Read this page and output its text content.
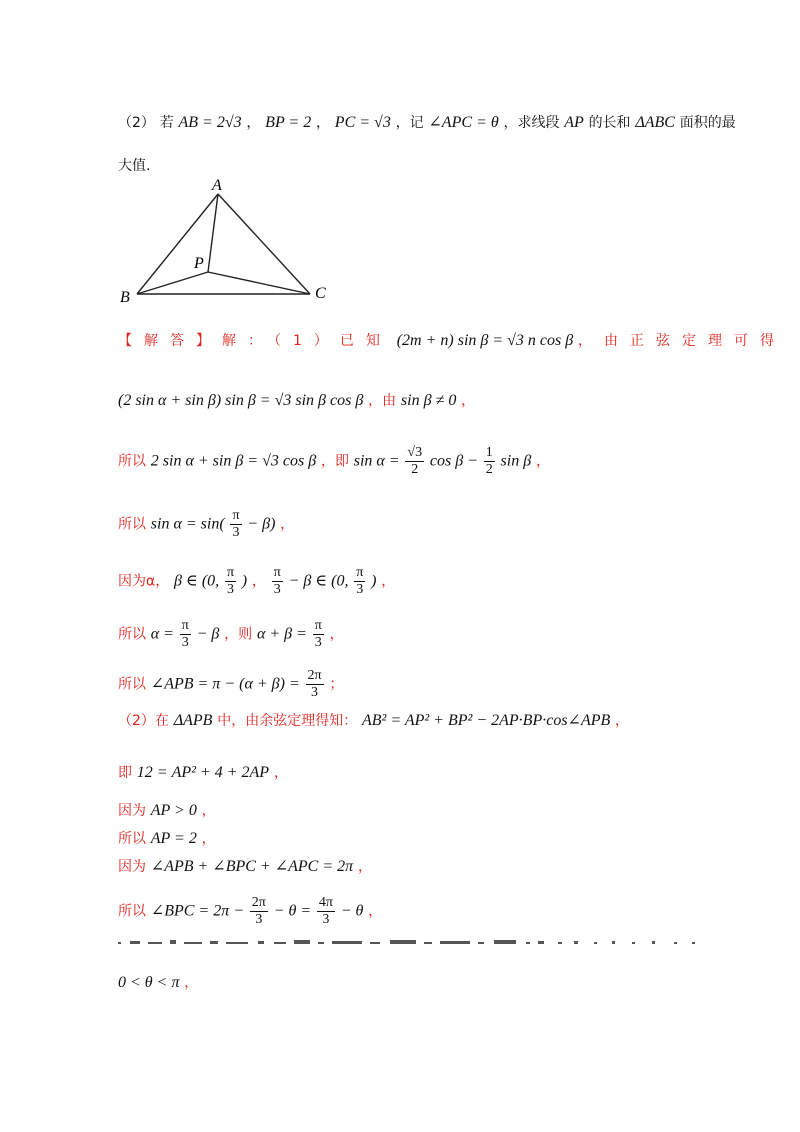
（2） 若 AB = 2√3 ， BP = 2 ， PC = √3 ，记 ∠APC = θ ，求线段 AP 的长和 ΔABC 面积的最
大值.
A
B	C
P
【解答】解：（1）已知 (2m + n) sin β = √3 n cos β ，由正弦定理可得
(2 sin α + sin β) sin β = √3 sin β cos β ，由 sin β ≠ 0 ，
所以 2 sin α + sin β = √3 cos β ，即 $\sin \alpha = \frac{√3}{2}$ $\cos \beta - \frac{1}{2}$ sin β ，
所以 $\sin \alpha = \sin( \frac{\pi}{3} - \beta)$ ，
因为α， β ∈ (0, $\frac{\pi}{3}$ ) ， $\frac{\pi}{3} - \beta$ ∈ (0, $\frac{\pi}{3}$ ) ，
所以 $\alpha = \frac{\pi}{3} - \beta$ ，则 $\alpha + \beta = \frac{\pi}{3}$ ，
所以 ∠APB = $\pi - (\alpha + \beta) = \frac{2\pi}{3}$ ；
（2）在 ΔAPB 中，由余弦定理得知： AB² = AP² + BP² − 2AP·BP·cos∠APB ，
即 12 = AP² + 4 + 2AP ，
因为 AP > 0 ，
所以 AP = 2 ，
因为 ∠APB + ∠BPC + ∠APC = 2π ，
所以 ∠BPC = $2\pi - \frac{2\pi}{3} - \theta = \frac{4\pi}{3} - \theta$ ，
0 < θ < π ，
